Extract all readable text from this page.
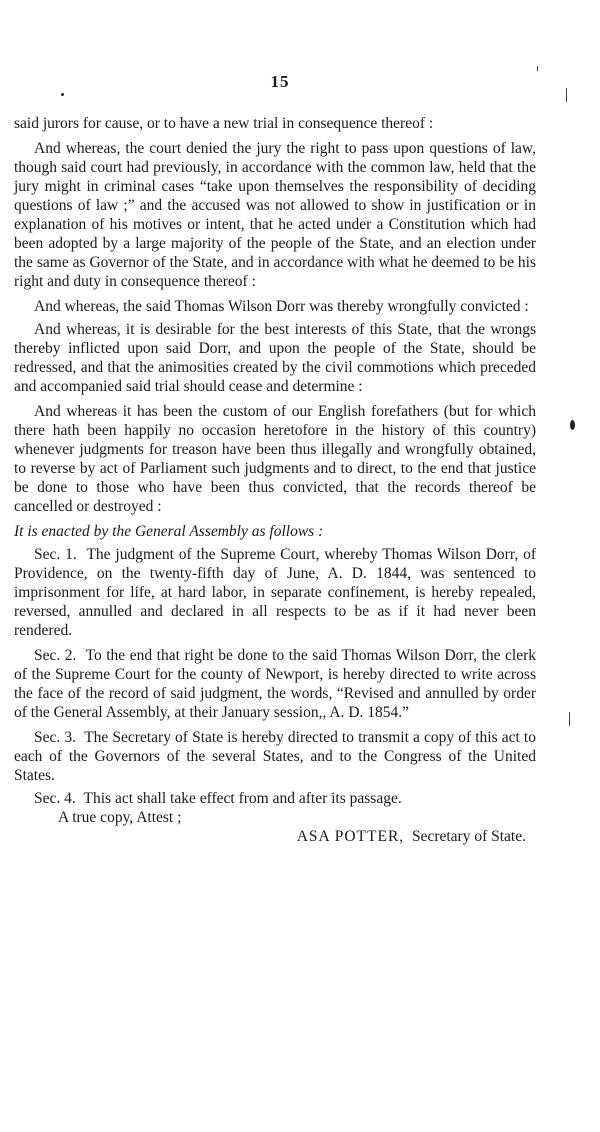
15

said jurors for cause, or to have a new trial in consequence thereof :

And whereas, the court denied the jury the right to pass upon questions of law, though said court had previously, in accordance with the common law, held that the jury might in criminal cases “take upon themselves the responsibility of deciding questions of law ;” and the accused was not allowed to show in justification or in explanation of his motives or intent, that he acted under a Constitution which had been adopted by a large majority of the people of the State, and an election under the same as Governor of the State, and in accordance with what he deemed to be his right and duty in consequence thereof :

And whereas, the said Thomas Wilson Dorr was thereby wrongfully convicted :

And whereas, it is desirable for the best interests of this State, that the wrongs thereby inflicted upon said Dorr, and upon the people of the State, should be redressed, and that the animosities created by the civil commotions which preceded and accompanied said trial should cease and determine :

And whereas it has been the custom of our English forefathers (but for which there hath been happily no occasion heretofore in the history of this country) whenever judgments for treason have been thus illegally and wrongfully obtained, to reverse by act of Parliament such judgments and to direct, to the end that justice be done to those who have been thus convicted, that the records thereof be cancelled or destroyed :

It is enacted by the General Assembly as follows :

Sec. 1. The judgment of the Supreme Court, whereby Thomas Wilson Dorr, of Providence, on the twenty-fifth day of June, A. D. 1844, was sentenced to imprisonment for life, at hard labor, in separate confinement, is hereby repealed, reversed, annulled and declared in all respects to be as if it had never been rendered.

Sec. 2. To the end that right be done to the said Thomas Wilson Dorr, the clerk of the Supreme Court for the county of Newport, is hereby directed to write across the face of the record of said judgment, the words, “Revised and annulled by order of the General Assembly, at their January session,, A. D. 1854.”

Sec. 3. The Secretary of State is hereby directed to transmit a copy of this act to each of the Governors of the several States, and to the Congress of the United States.

Sec. 4. This act shall take effect from and after its passage.

A true copy, Attest ;

ASA POTTER, Secretary of State.
